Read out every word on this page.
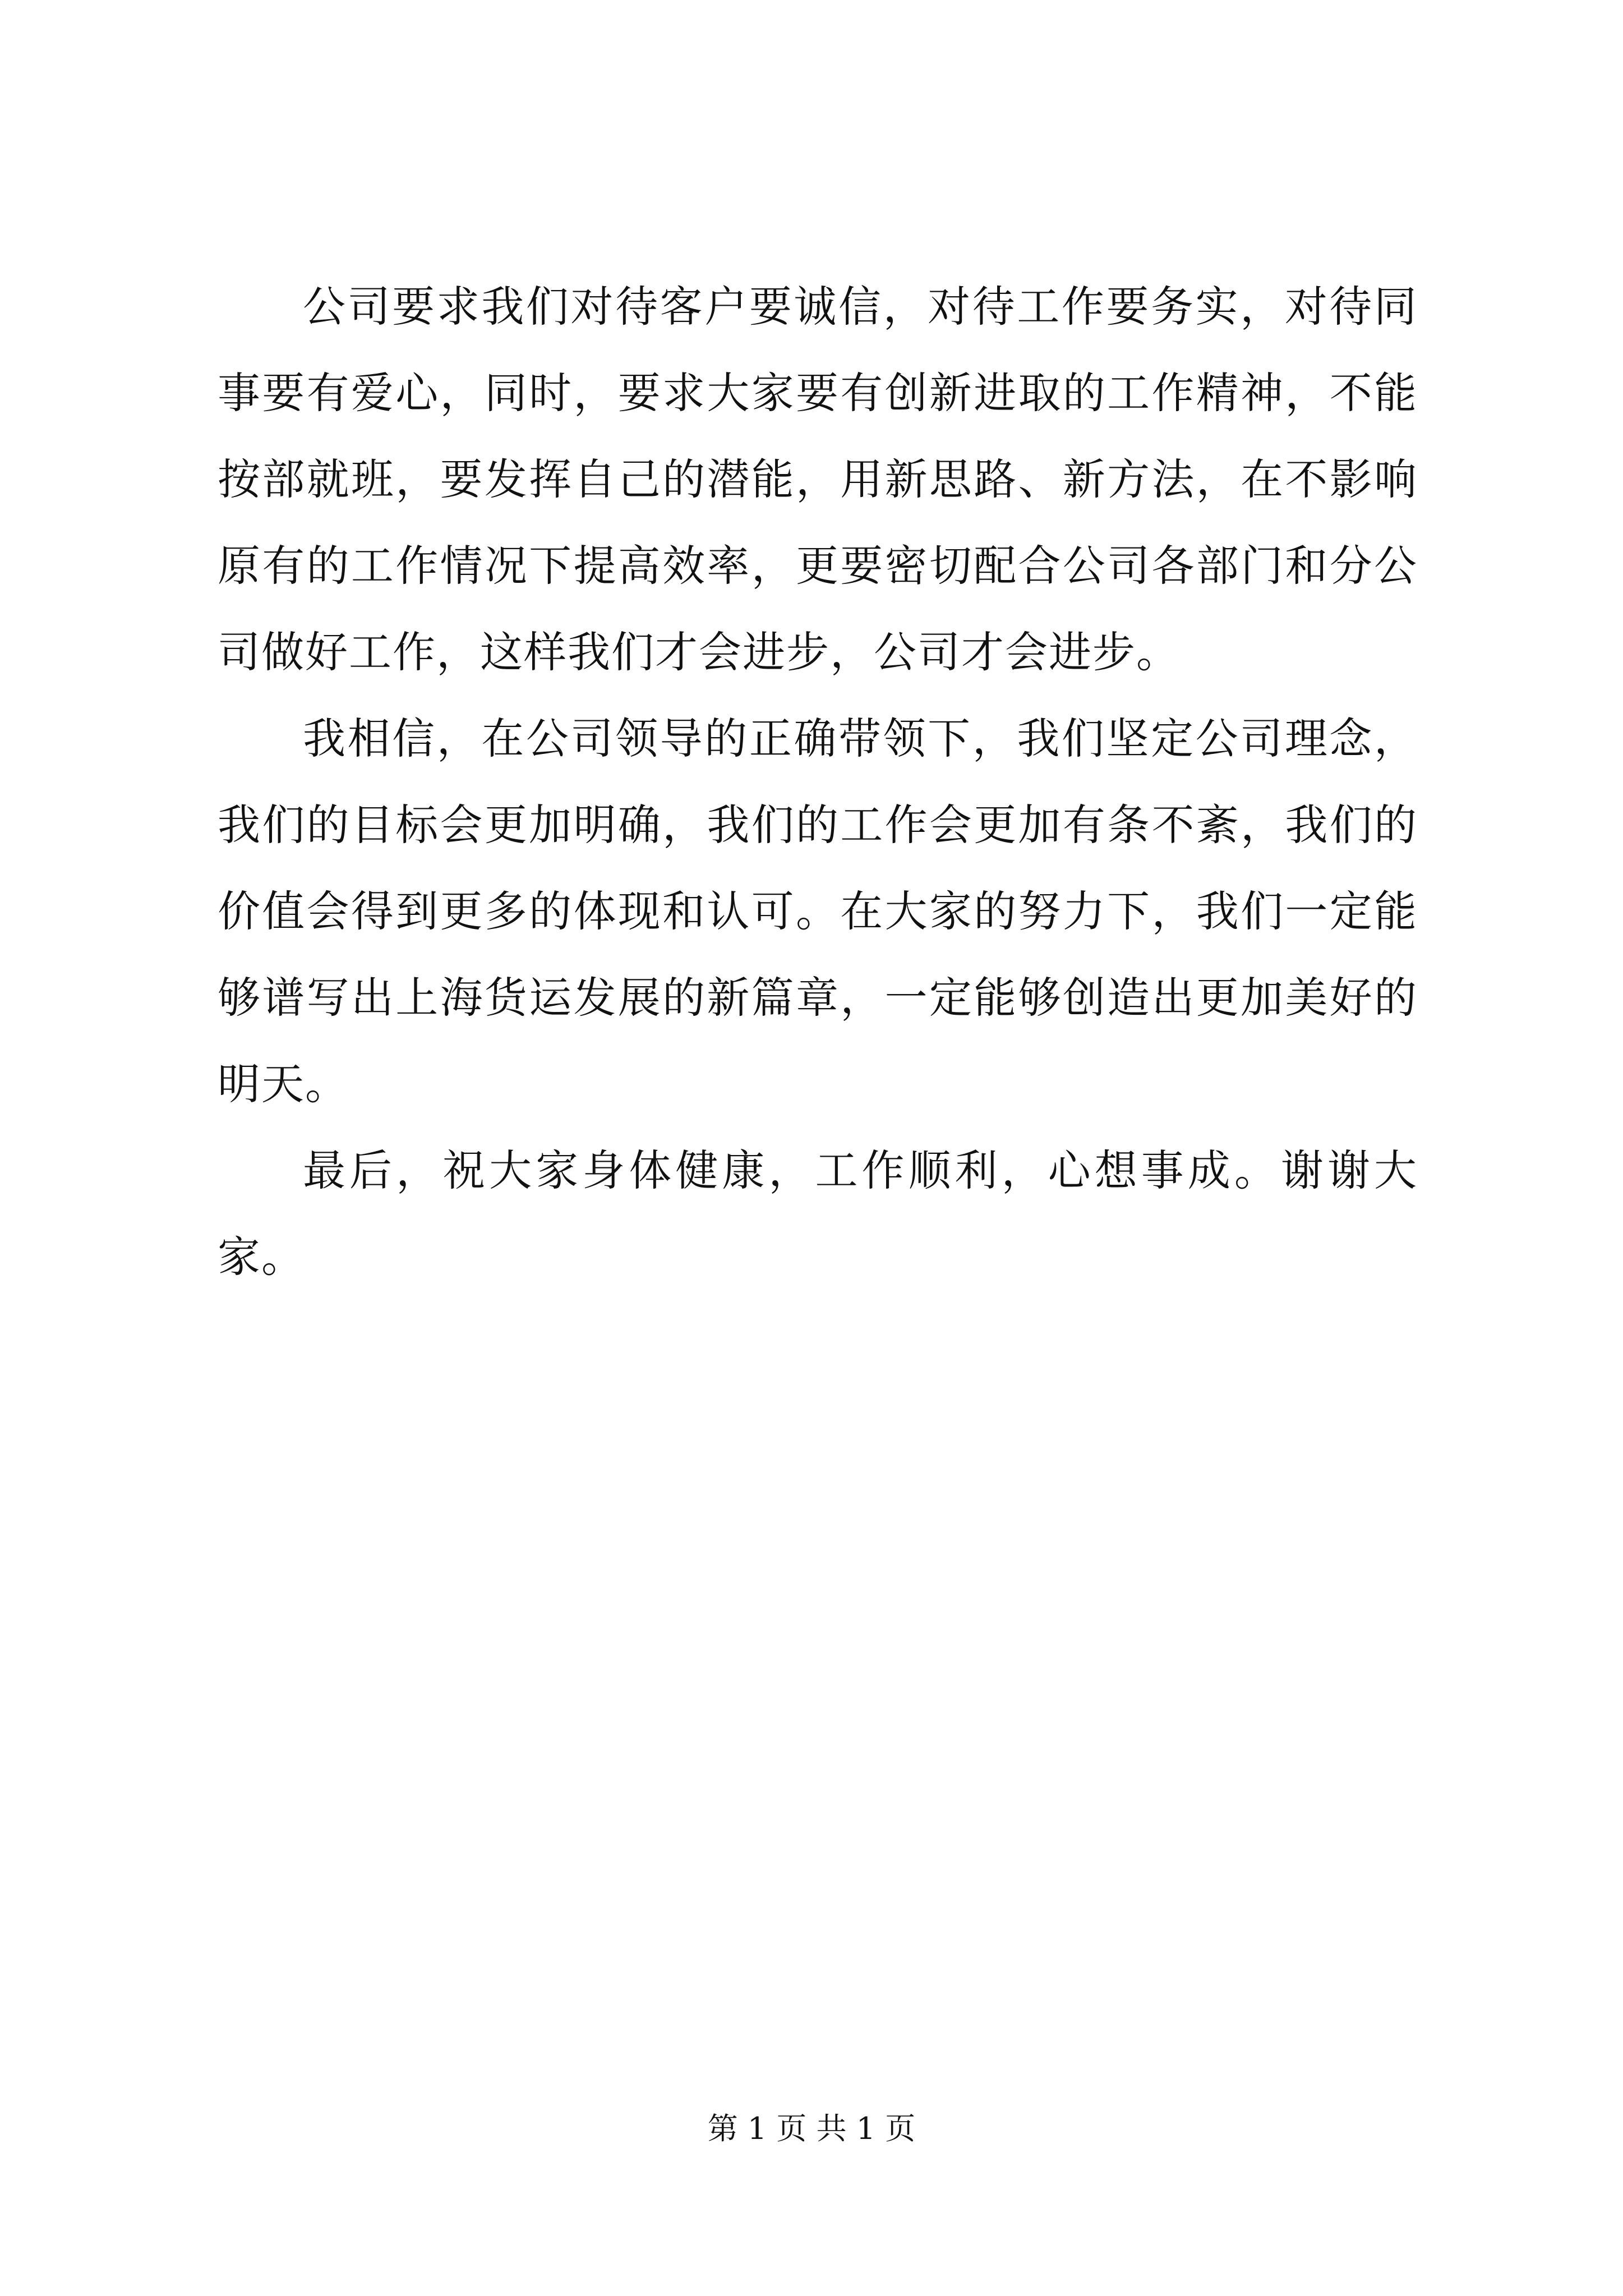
公司要求我们对待客户要诚信，对待工作要务实，对待同事要有爱心，同时，要求大家要有创新进取的工作精神，不能按部就班，要发挥自己的潜能，用新思路、新方法，在不影响原有的工作情况下提高效率，更要密切配合公司各部门和分公司做好工作，这样我们才会进步，公司才会进步。

我相信，在公司领导的正确带领下，我们坚定公司理念，我们的目标会更加明确，我们的工作会更加有条不紊，我们的价值会得到更多的体现和认可。在大家的努力下，我们一定能够谱写出上海货运发展的新篇章，一定能够创造出更加美好的明天。

最后，祝大家身体健康，工作顺利，心想事成。谢谢大家。

第 1 页 共 1 页
